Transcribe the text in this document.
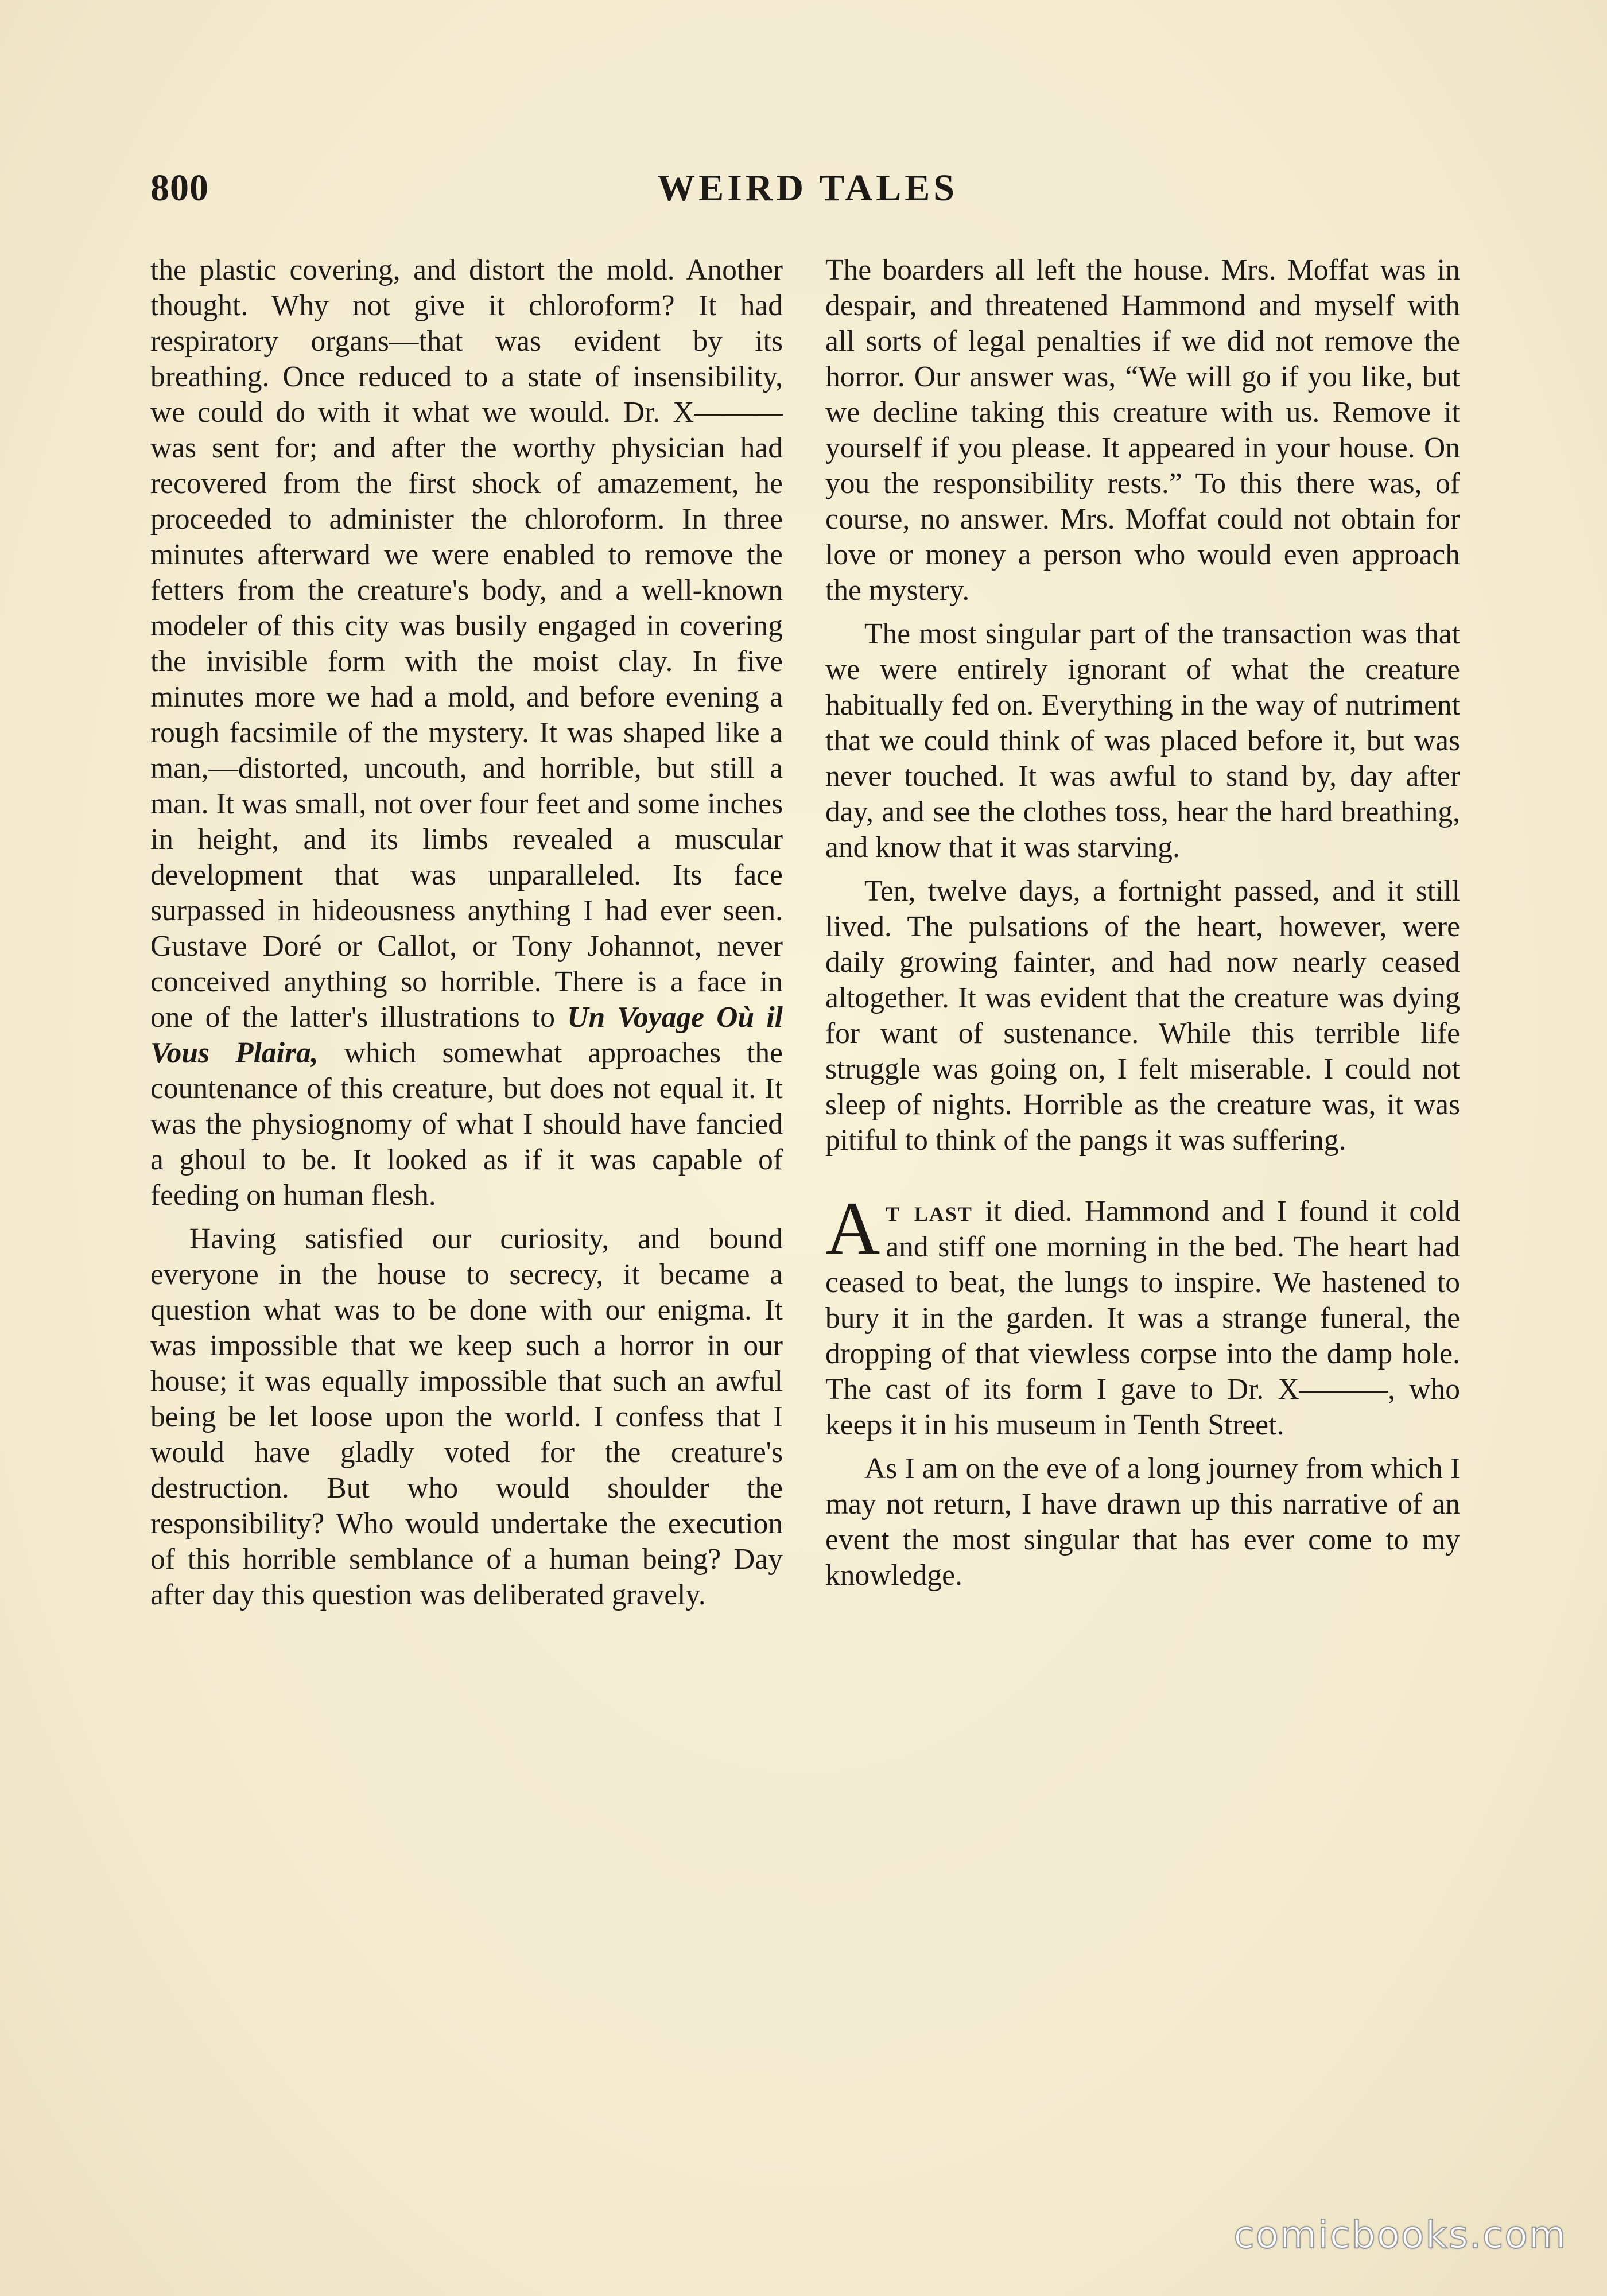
800	WEIRD TALES

the plastic covering, and distort the mold. Another thought. Why not give it chloroform? It had respiratory organs—that was evident by its breathing. Once reduced to a state of insensibility, we could do with it what we would. Dr. X——— was sent for; and after the worthy physician had recovered from the first shock of amazement, he proceeded to administer the chloroform. In three minutes afterward we were enabled to remove the fetters from the creature's body, and a well-known modeler of this city was busily engaged in covering the invisible form with the moist clay. In five minutes more we had a mold, and before evening a rough facsimile of the mystery. It was shaped like a man,—distorted, uncouth, and horrible, but still a man. It was small, not over four feet and some inches in height, and its limbs revealed a muscular development that was unparalleled. Its face surpassed in hideousness anything I had ever seen. Gustave Doré or Callot, or Tony Johannot, never conceived anything so horrible. There is a face in one of the latter's illustrations to Un Voyage Où il Vous Plaira, which somewhat approaches the countenance of this creature, but does not equal it. It was the physiognomy of what I should have fancied a ghoul to be. It looked as if it was capable of feeding on human flesh.

Having satisfied our curiosity, and bound everyone in the house to secrecy, it became a question what was to be done with our enigma. It was impossible that we keep such a horror in our house; it was equally impossible that such an awful being be let loose upon the world. I confess that I would have gladly voted for the creature's destruction. But who would shoulder the responsibility? Who would undertake the execution of this horrible semblance of a human being? Day after day this question was deliberated gravely.

The boarders all left the house. Mrs. Moffat was in despair, and threatened Hammond and myself with all sorts of legal penalties if we did not remove the horror. Our answer was, “We will go if you like, but we decline taking this creature with us. Remove it yourself if you please. It appeared in your house. On you the responsibility rests.” To this there was, of course, no answer. Mrs. Moffat could not obtain for love or money a person who would even approach the mystery.

The most singular part of the transaction was that we were entirely ignorant of what the creature habitually fed on. Everything in the way of nutriment that we could think of was placed before it, but was never touched. It was awful to stand by, day after day, and see the clothes toss, hear the hard breathing, and know that it was starving.

Ten, twelve days, a fortnight passed, and it still lived. The pulsations of the heart, however, were daily growing fainter, and had now nearly ceased altogether. It was evident that the creature was dying for want of sustenance. While this terrible life struggle was going on, I felt miserable. I could not sleep of nights. Horrible as the creature was, it was pitiful to think of the pangs it was suffering.

At last it died. Hammond and I found it cold and stiff one morning in the bed. The heart had ceased to beat, the lungs to inspire. We hastened to bury it in the garden. It was a strange funeral, the dropping of that viewless corpse into the damp hole. The cast of its form I gave to Dr. X———, who keeps it in his museum in Tenth Street.

As I am on the eve of a long journey from which I may not return, I have drawn up this narrative of an event the most singular that has ever come to my knowledge.

comicbooks.com
